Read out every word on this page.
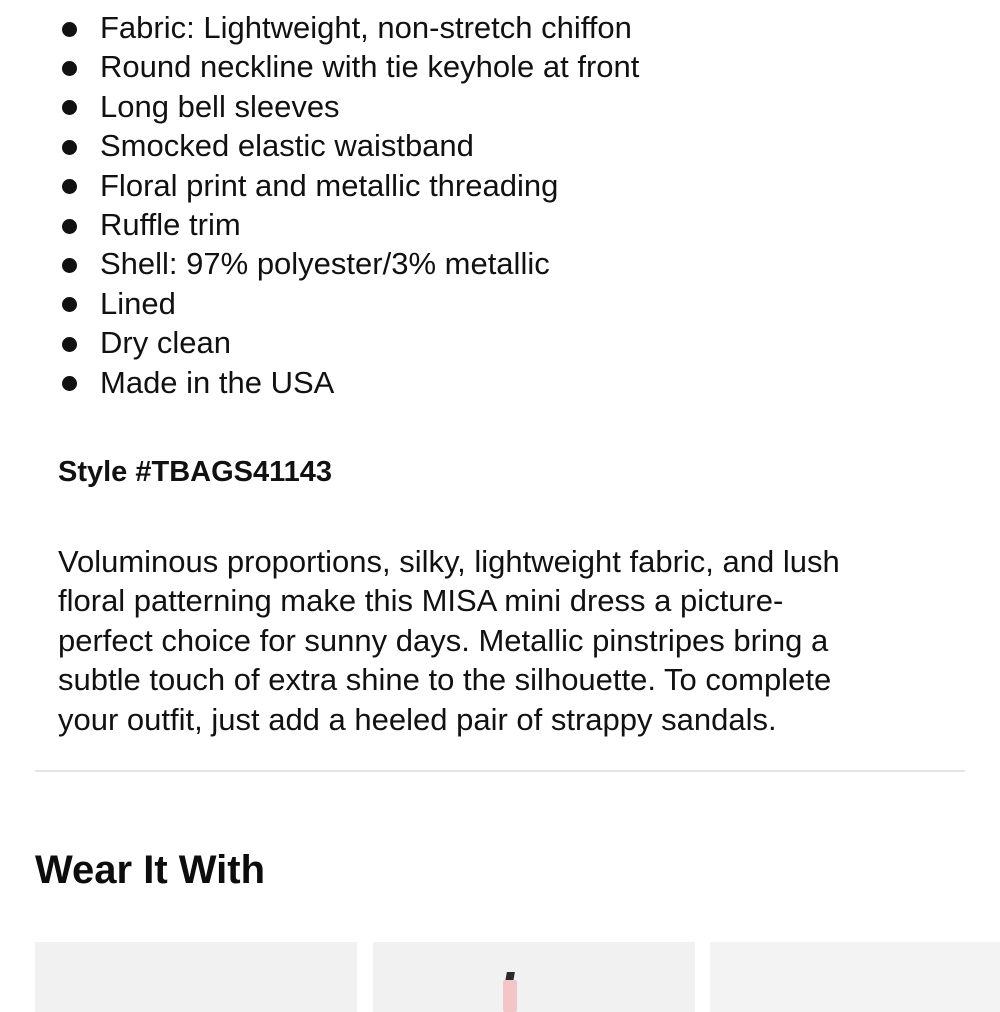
Fabric: Lightweight, non-stretch chiffon
Round neckline with tie keyhole at front
Long bell sleeves
Smocked elastic waistband
Floral print and metallic threading
Ruffle trim
Shell: 97% polyester/3% metallic
Lined
Dry clean
Made in the USA
Style #TBAGS41143

Voluminous proportions, silky, lightweight fabric, and lush
floral patterning make this MISA mini dress a picture-
perfect choice for sunny days. Metallic pinstripes bring a
subtle touch of extra shine to the silhouette. To complete
your outfit, just add a heeled pair of strappy sandals.

Wear It With
